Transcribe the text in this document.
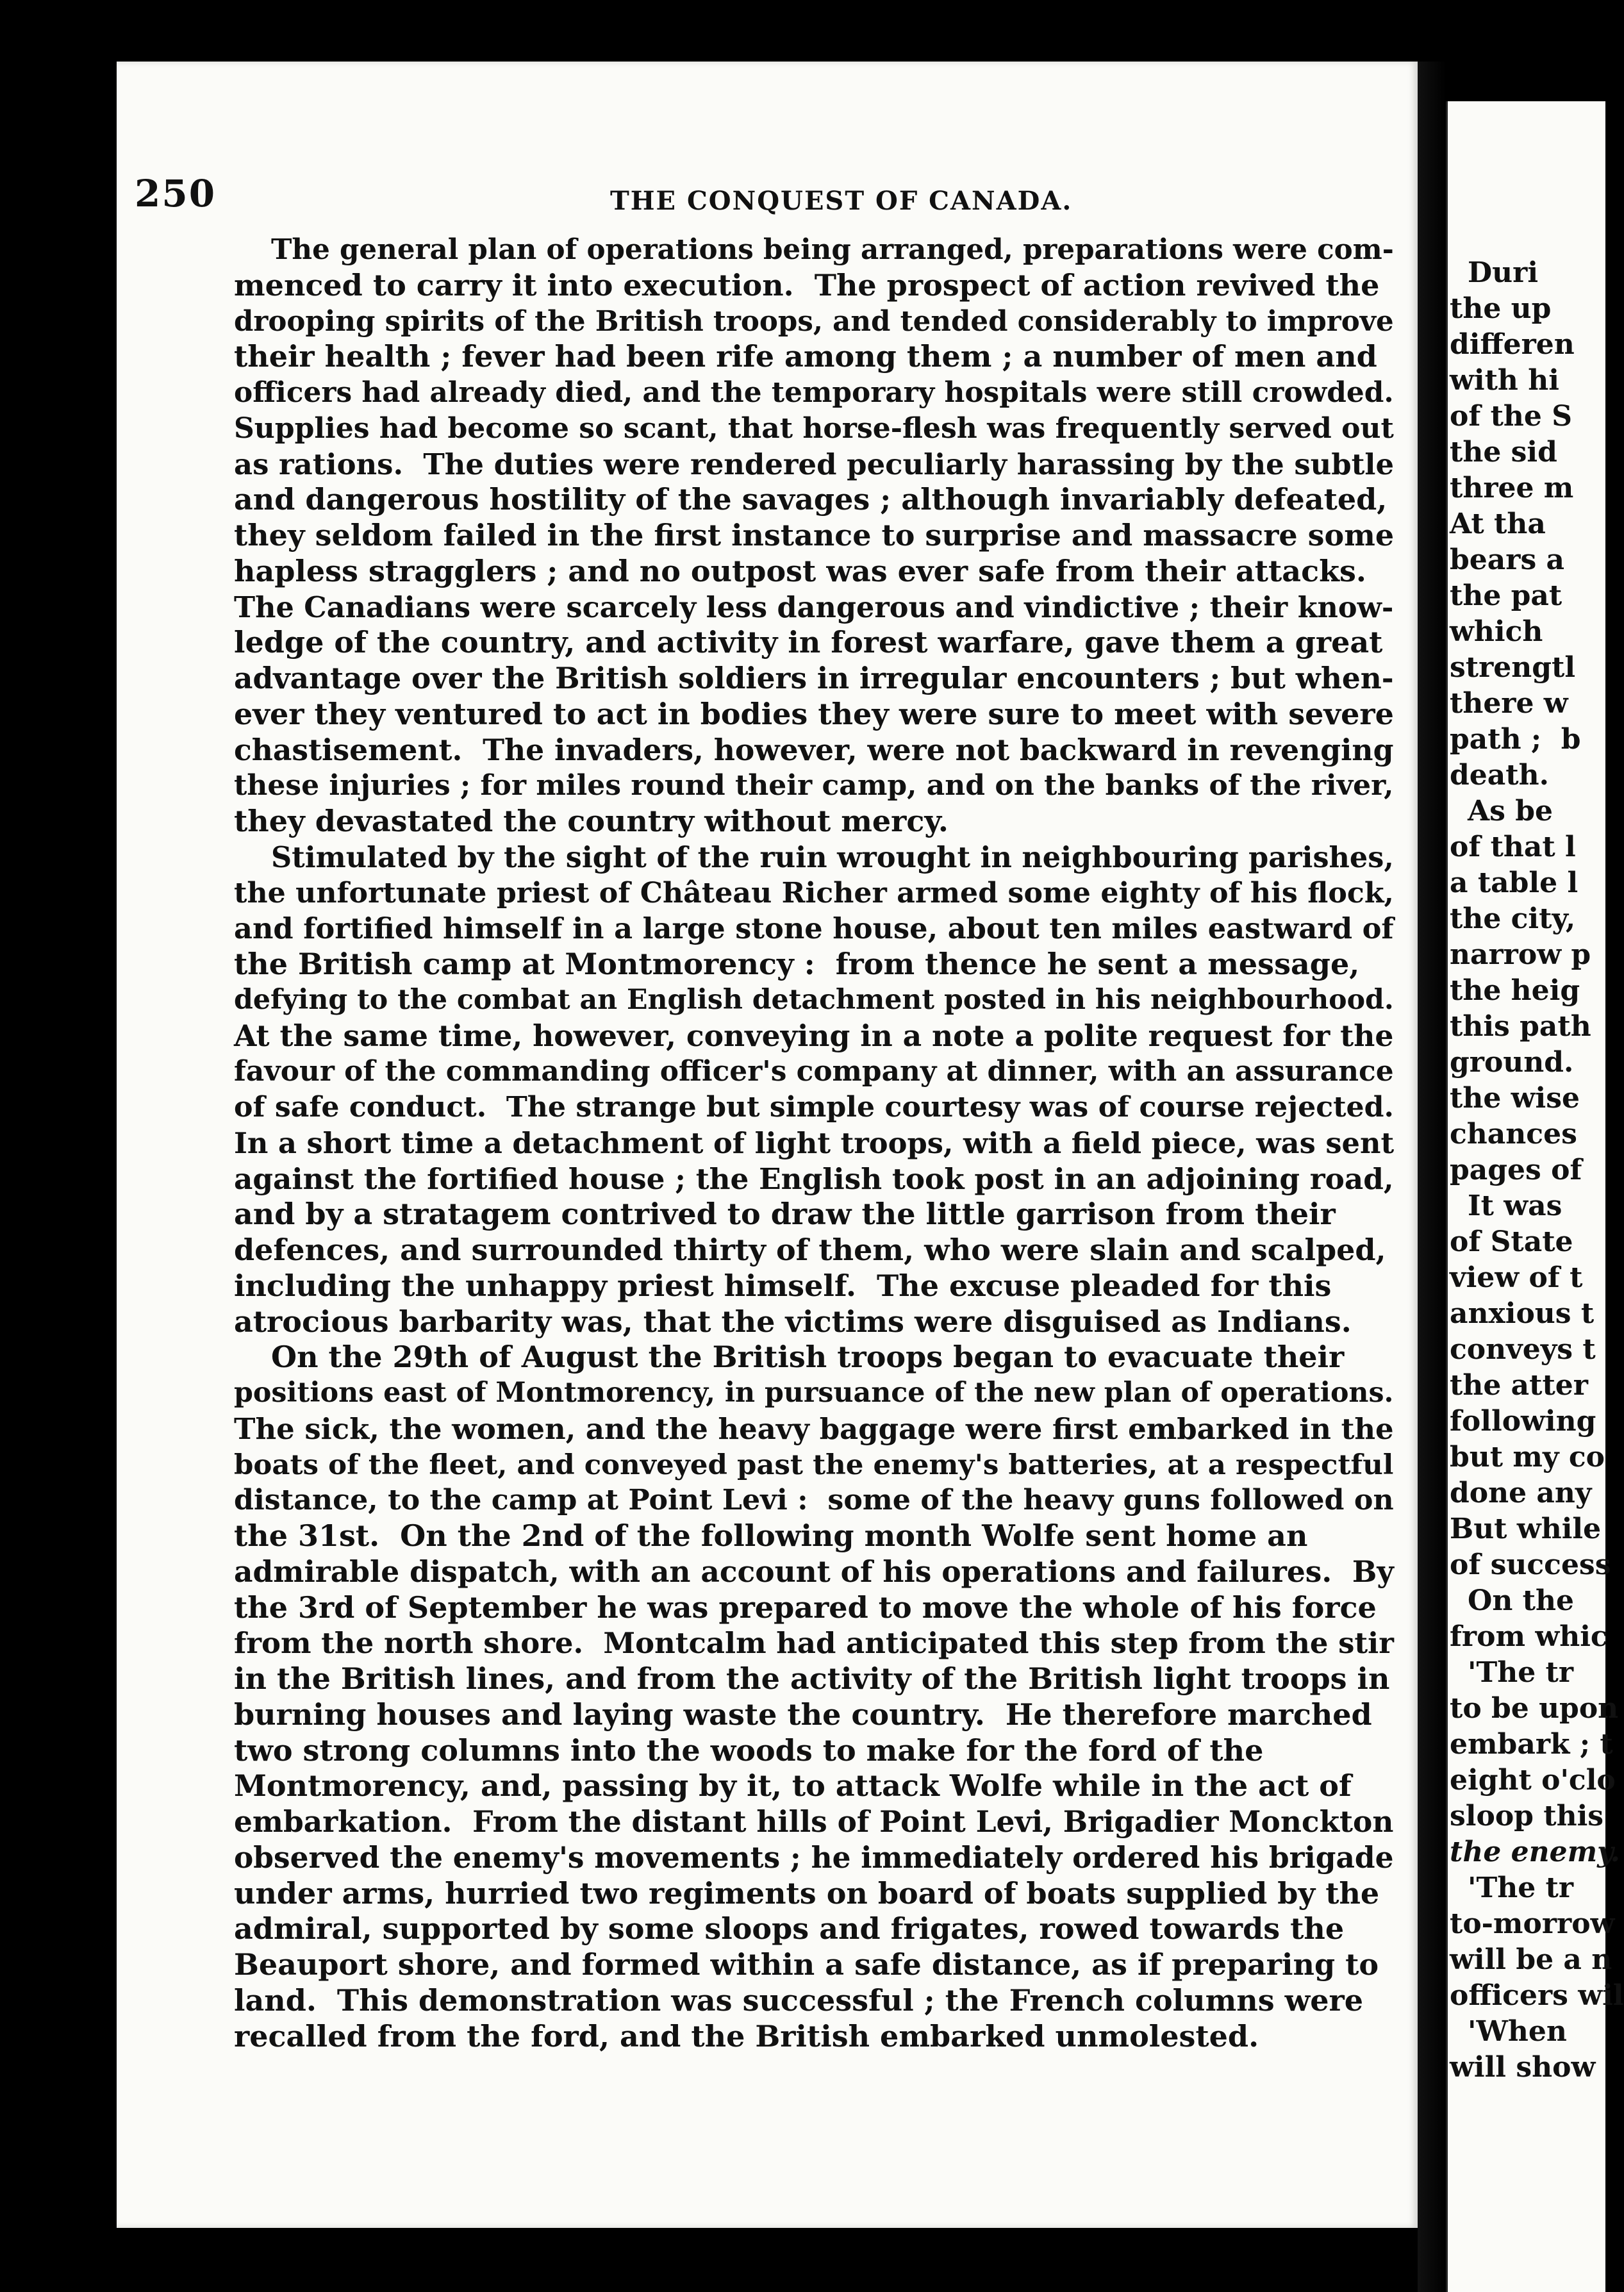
250	THE CONQUEST OF CANADA.
The general plan of operations being arranged, preparations were com-
menced to carry it into execution.  The prospect of action revived the
drooping spirits of the British troops, and tended considerably to improve
their health ; fever had been rife among them ; a number of men and
officers had already died, and the temporary hospitals were still crowded.
Supplies had become so scant, that horse-flesh was frequently served out
as rations.  The duties were rendered peculiarly harassing by the subtle
and dangerous hostility of the savages ; although invariably defeated,
they seldom failed in the first instance to surprise and massacre some
hapless stragglers ; and no outpost was ever safe from their attacks.
The Canadians were scarcely less dangerous and vindictive ; their know-
ledge of the country, and activity in forest warfare, gave them a great
advantage over the British soldiers in irregular encounters ; but when-
ever they ventured to act in bodies they were sure to meet with severe
chastisement.  The invaders, however, were not backward in revenging
these injuries ; for miles round their camp, and on the banks of the river,
they devastated the country without mercy.
Stimulated by the sight of the ruin wrought in neighbouring parishes,
the unfortunate priest of Château Richer armed some eighty of his flock,
and fortified himself in a large stone house, about ten miles eastward of
the British camp at Montmorency :  from thence he sent a message,
defying to the combat an English detachment posted in his neighbourhood.
At the same time, however, conveying in a note a polite request for the
favour of the commanding officer's company at dinner, with an assurance
of safe conduct.  The strange but simple courtesy was of course rejected.
In a short time a detachment of light troops, with a field piece, was sent
against the fortified house ; the English took post in an adjoining road,
and by a stratagem contrived to draw the little garrison from their
defences, and surrounded thirty of them, who were slain and scalped,
including the unhappy priest himself.  The excuse pleaded for this
atrocious barbarity was, that the victims were disguised as Indians.
On the 29th of August the British troops began to evacuate their
positions east of Montmorency, in pursuance of the new plan of operations.
The sick, the women, and the heavy baggage were first embarked in the
boats of the fleet, and conveyed past the enemy's batteries, at a respectful
distance, to the camp at Point Levi :  some of the heavy guns followed on
the 31st.  On the 2nd of the following month Wolfe sent home an
admirable dispatch, with an account of his operations and failures.  By
the 3rd of September he was prepared to move the whole of his force
from the north shore.  Montcalm had anticipated this step from the stir
in the British lines, and from the activity of the British light troops in
burning houses and laying waste the country.  He therefore marched
two strong columns into the woods to make for the ford of the
Montmorency, and, passing by it, to attack Wolfe while in the act of
embarkation.  From the distant hills of Point Levi, Brigadier Monckton
observed the enemy's movements ; he immediately ordered his brigade
under arms, hurried two regiments on board of boats supplied by the
admiral, supported by some sloops and frigates, rowed towards the
Beauport shore, and formed within a safe distance, as if preparing to
land.  This demonstration was successful ; the French columns were
recalled from the ford, and the British embarked unmolested.
Duri
the up
differen
with hi
of the S
the sid
three m
At tha
bears a
the pat
which
strengtl
there w
path ;  b
death.
As be
of that l
a table l
the city,
narrow p
the heig
this path
ground.
the wise
chances
pages of
It was
of State
view of t
anxious t
conveys t
the atter
following
but my co
done any
But while
of success
On the
from whic
'The tr
to be upon
embark ; t
eight o'clo
sloop this
the enemy.
'The tr
to-morrow
will be a n
officers wil
'When
will show
